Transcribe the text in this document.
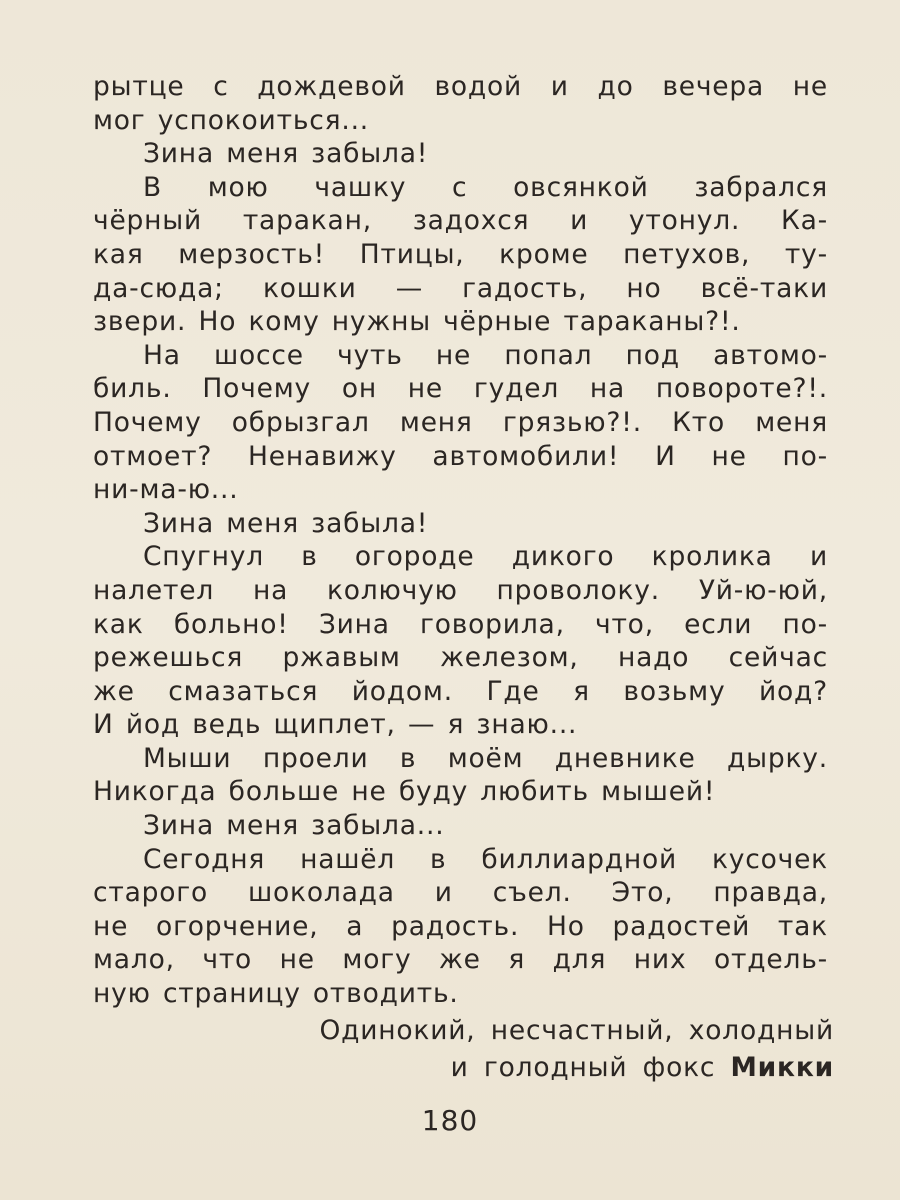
рытце с дождевой водой и до вечера не
мог успокоиться...
Зина меня забыла!
В мою чашку с овсянкой забрался
чёрный таракан, задохся и утонул. Ка-
кая мерзость! Птицы, кроме петухов, ту-
да-сюда; кошки — гадость, но всё-таки
звери. Но кому нужны чёрные тараканы?!.
На шоссе чуть не попал под автомо-
биль. Почему он не гудел на повороте?!.
Почему обрызгал меня грязью?!. Кто меня
отмоет? Ненавижу автомобили! И не по-
ни-ма-ю...
Зина меня забыла!
Спугнул в огороде дикого кролика и
налетел на колючую проволоку. Уй-ю-юй,
как больно! Зина говорила, что, если по-
режешься ржавым железом, надо сейчас
же смазаться йодом. Где я возьму йод?
И йод ведь щиплет, — я знаю...
Мыши проели в моём дневнике дырку.
Никогда больше не буду любить мышей!
Зина меня забыла...
Сегодня нашёл в биллиардной кусочек
старого шоколада и съел. Это, правда,
не огорчение, а радость. Но радостей так
мало, что не могу же я для них отдель-
ную страницу отводить.
Одинокий, несчастный, холодный
и голодный фокс Микки
180
